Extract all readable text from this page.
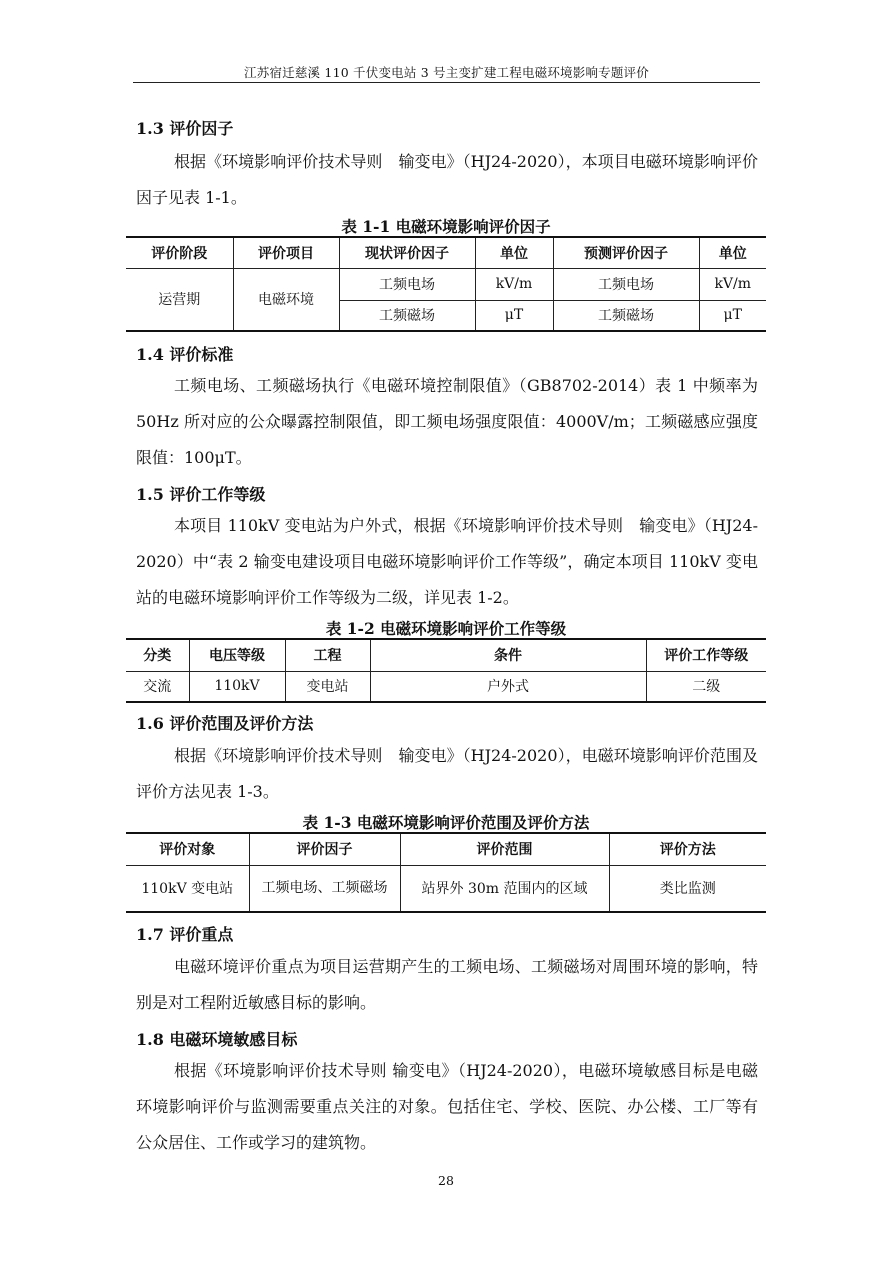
江苏宿迁慈溪 110 千伏变电站 3 号主变扩建工程电磁环境影响专题评价
1.3 评价因子
根据《环境影响评价技术导则　输变电》（HJ24-2020），本项目电磁环境影响评价因子见表 1-1。
表 1-1 电磁环境影响评价因子
评价阶段	评价项目	现状评价因子	单位	预测评价因子	单位
运营期	电磁环境	工频电场	kV/m	工频电场	kV/m
		工频磁场	μT	工频磁场	μT
1.4 评价标准
工频电场、工频磁场执行《电磁环境控制限值》（GB8702-2014）表 1 中频率为 50Hz 所对应的公众曝露控制限值，即工频电场强度限值：4000V/m；工频磁感应强度限值：100μT。
1.5 评价工作等级
本项目 110kV 变电站为户外式，根据《环境影响评价技术导则　输变电》（HJ24-2020）中“表 2 输变电建设项目电磁环境影响评价工作等级”，确定本项目 110kV 变电站的电磁环境影响评价工作等级为二级，详见表 1-2。
表 1-2 电磁环境影响评价工作等级
分类	电压等级	工程	条件	评价工作等级
交流	110kV	变电站	户外式	二级
1.6 评价范围及评价方法
根据《环境影响评价技术导则　输变电》（HJ24-2020），电磁环境影响评价范围及评价方法见表 1-3。
表 1-3 电磁环境影响评价范围及评价方法
评价对象	评价因子	评价范围	评价方法
110kV 变电站	工频电场、工频磁场	站界外 30m 范围内的区域	类比监测
1.7 评价重点
电磁环境评价重点为项目运营期产生的工频电场、工频磁场对周围环境的影响，特别是对工程附近敏感目标的影响。
1.8 电磁环境敏感目标
根据《环境影响评价技术导则 输变电》（HJ24-2020），电磁环境敏感目标是电磁环境影响评价与监测需要重点关注的对象。包括住宅、学校、医院、办公楼、工厂等有公众居住、工作或学习的建筑物。
28
